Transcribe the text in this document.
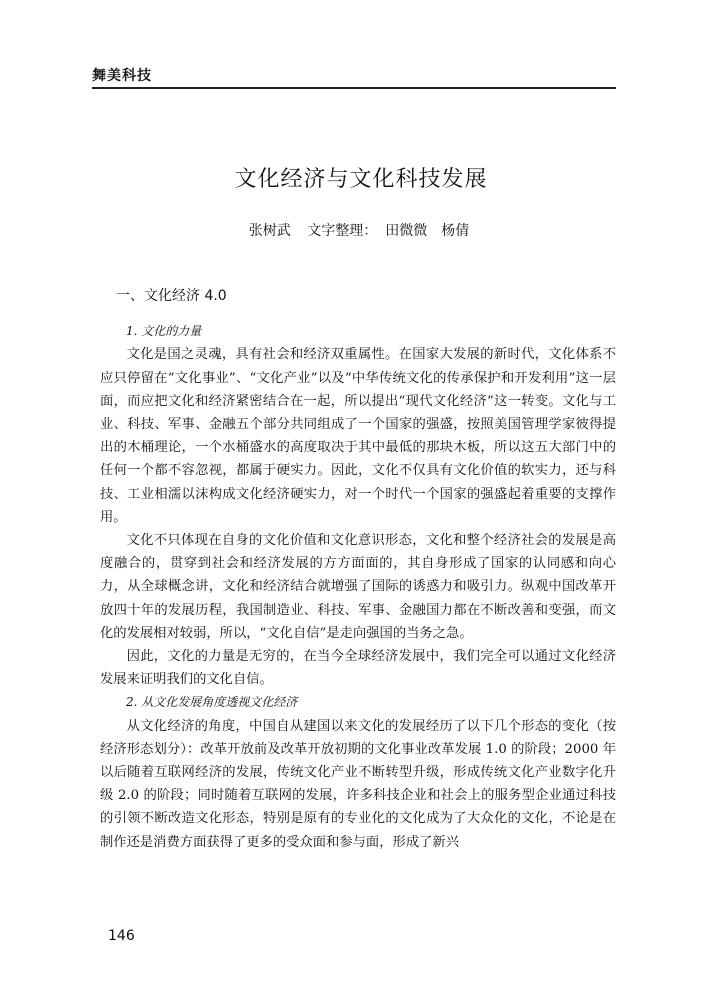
舞美科技
文化经济与文化科技发展
张树武 文字整理： 田微微　杨倩
一、文化经济 4.0
1. 文化的力量

文化是国之灵魂，具有社会和经济双重属性。在国家大发展的新时代，文化体系不应只停留在“文化事业”、“文化产业”以及“中华传统文化的传承保护和开发利用”这一层面，而应把文化和经济紧密结合在一起，所以提出“现代文化经济”这一转变。文化与工业、科技、军事、金融五个部分共同组成了一个国家的强盛，按照美国管理学家彼得提出的木桶理论，一个水桶盛水的高度取决于其中最低的那块木板，所以这五大部门中的任何一个都不容忽视，都属于硬实力。因此，文化不仅具有文化价值的软实力，还与科技、工业相濡以沫构成文化经济硬实力，对一个时代一个国家的强盛起着重要的支撑作用。

文化不只体现在自身的文化价值和文化意识形态，文化和整个经济社会的发展是高度融合的，贯穿到社会和经济发展的方方面面的，其自身形成了国家的认同感和向心力，从全球概念讲，文化和经济结合就增强了国际的诱惑力和吸引力。纵观中国改革开放四十年的发展历程，我国制造业、科技、军事、金融国力都在不断改善和变强，而文化的发展相对较弱，所以，“文化自信”是走向强国的当务之急。

因此，文化的力量是无穷的，在当今全球经济发展中，我们完全可以通过文化经济发展来证明我们的文化自信。

2. 从文化发展角度透视文化经济

从文化经济的角度，中国自从建国以来文化的发展经历了以下几个形态的变化（按经济形态划分）：改革开放前及改革开放初期的文化事业改革发展 1.0 的阶段；2000 年以后随着互联网经济的发展，传统文化产业不断转型升级，形成传统文化产业数字化升级 2.0 的阶段；同时随着互联网的发展，许多科技企业和社会上的服务型企业通过科技的引领不断改造文化形态，特别是原有的专业化的文化成为了大众化的文化，不论是在制作还是消费方面获得了更多的受众面和参与面，形成了新兴

146
